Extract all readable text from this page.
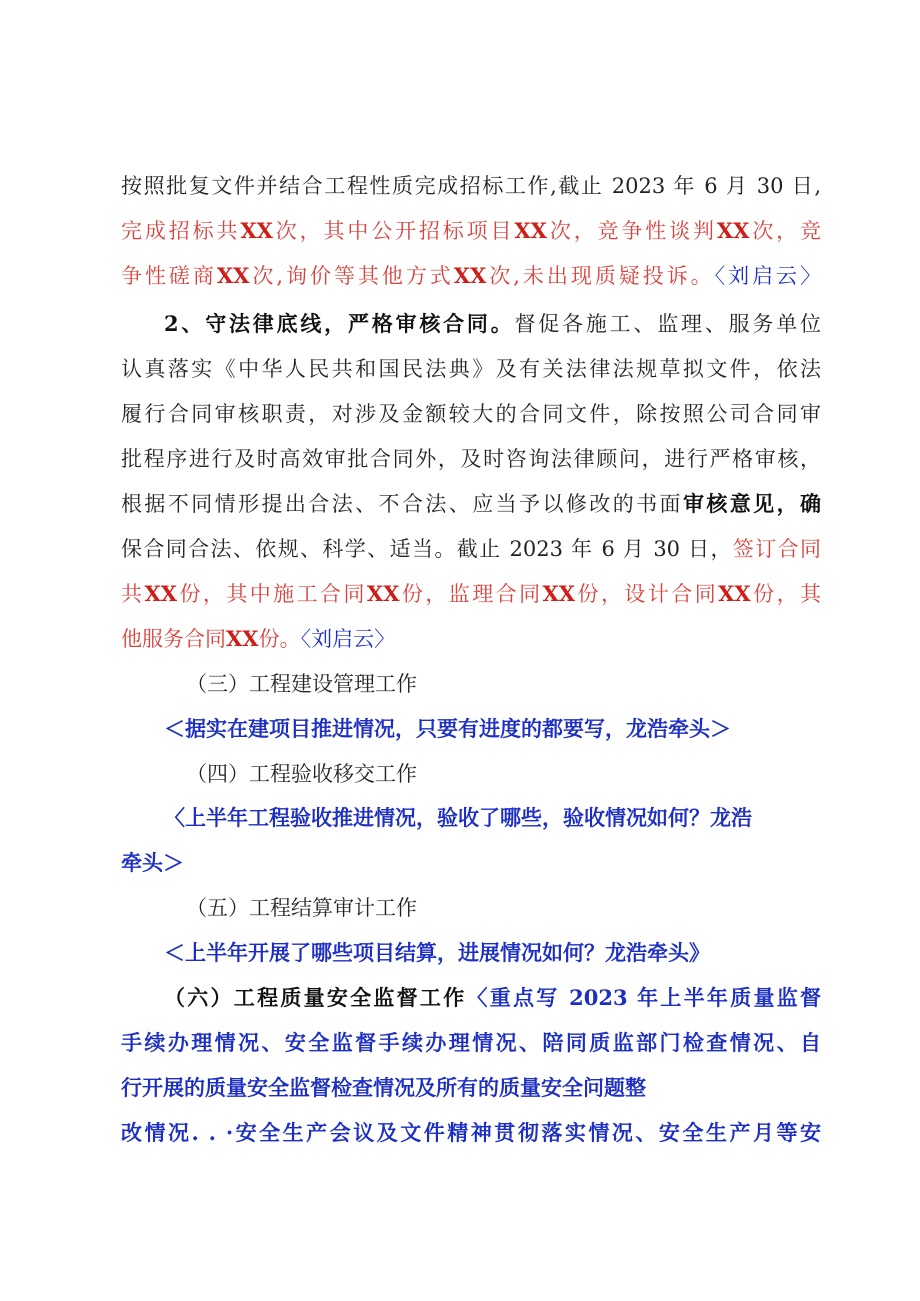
按照批复文件并结合工程性质完成招标工作,截止 2023 年 6 月 30 日,
完成招标共XX次，其中公开招标项目XX次，竞争性谈判XX次，竞
争性磋商XX次,询价等其他方式XX次,未出现质疑投诉。〈刘启云〉
2、守法律底线，严格审核合同。督促各施工、监理、服务单位
认真落实《中华人民共和国民法典》及有关法律法规草拟文件，依法
履行合同审核职责，对涉及金额较大的合同文件，除按照公司合同审
批程序进行及时高效审批合同外，及时咨询法律顾问，进行严格审核，
根据不同情形提出合法、不合法、应当予以修改的书面审核意见，确
保合同合法、依规、科学、适当。截止 2023 年 6 月 30 日，签订合同
共XX份，其中施工合同XX份，监理合同XX份，设计合同XX份，其
他服务合同XX份。〈刘启云〉
（三）工程建设管理工作
＜据实在建项目推进情况，只要有进度的都要写，龙浩牵头＞
（四）工程验收移交工作
〈上半年工程验收推进情况，验收了哪些，验收情况如何？龙浩
牵头＞
（五）工程结算审计工作
＜上半年开展了哪些项目结算，进展情况如何？龙浩牵头》
（六）工程质量安全监督工作〈重点写 2023 年上半年质量监督
手续办理情况、安全监督手续办理情况、陪同质监部门检查情况、自
行开展的质量安全监督检查情况及所有的质量安全问题整
改情况. . ·安全生产会议及文件精神贯彻落实情况、安全生产月等安
